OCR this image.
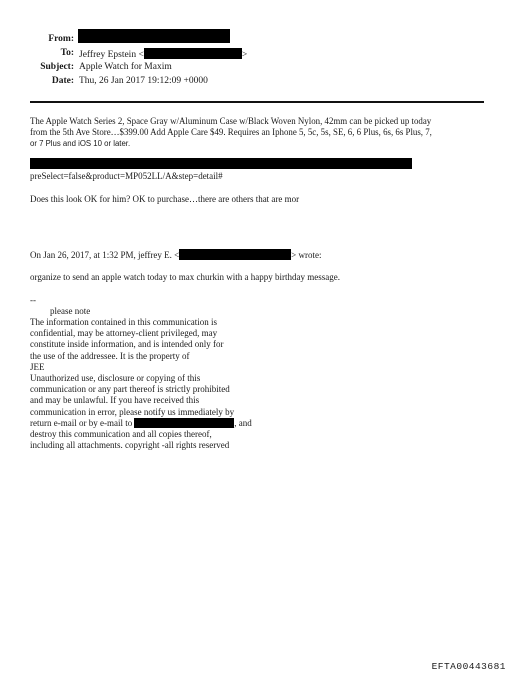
From:
To: Jeffrey Epstein <	>
Subject: Apple Watch for Maxim
Date: Thu, 26 Jan 2017 19:12:09 +0000
The Apple Watch Series 2, Space Gray w/Aluminum Case w/Black Woven Nylon, 42mm can be picked up today
from the 5th Ave Store…$399.00 Add Apple Care $49. Requires an Iphone 5, 5c, 5s, SE, 6, 6 Plus, 6s, 6s Plus, 7,
or 7 Plus and iOS 10 or later.
preSelect=false&product=MP052LL/A&step=detail#
Does this look OK for him? OK to purchase…there are others that are mor
On Jan 26, 2017, at 1:32 PM, jeffrey E. <	> wrote:
organize to send an apple watch today to max churkin with a happy birthday message.
--
please note
The information contained in this communication is
confidential, may be attorney-client privileged, may
constitute inside information, and is intended only for
the use of the addressee. It is the property of
JEE
Unauthorized use, disclosure or copying of this
communication or any part thereof is strictly prohibited
and may be unlawful. If you have received this
communication in error, please notify us immediately by
return e-mail or by e-mail to	, and
destroy this communication and all copies thereof,
including all attachments. copyright -all rights reserved
EFTA00443681
